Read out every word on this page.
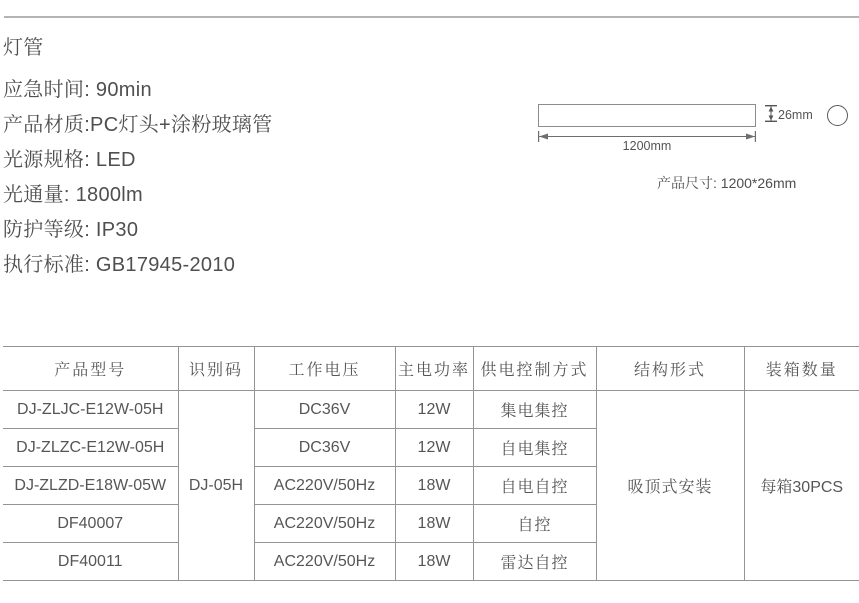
灯管
应急时间: 90min
产品材质:PC灯头+涂粉玻璃管
光源规格: LED
光通量: 1800lm
防护等级: IP30
执行标准: GB17945-2010
1200mm
26mm
产品尺寸: 1200*26mm
产品型号	识别码	工作电压	主电功率	供电控制方式	结构形式	装箱数量
DJ-ZLJC-E12W-05H	DJ-05H	DC36V	12W	集电集控	吸顶式安装	每箱30PCS
DJ-ZLZC-E12W-05H		DC36V	12W	自电集控		
DJ-ZLZD-E18W-05W		AC220V/50Hz	18W	自电自控		
DF40007		AC220V/50Hz	18W	自控		
DF40011		AC220V/50Hz	18W	雷达自控		
